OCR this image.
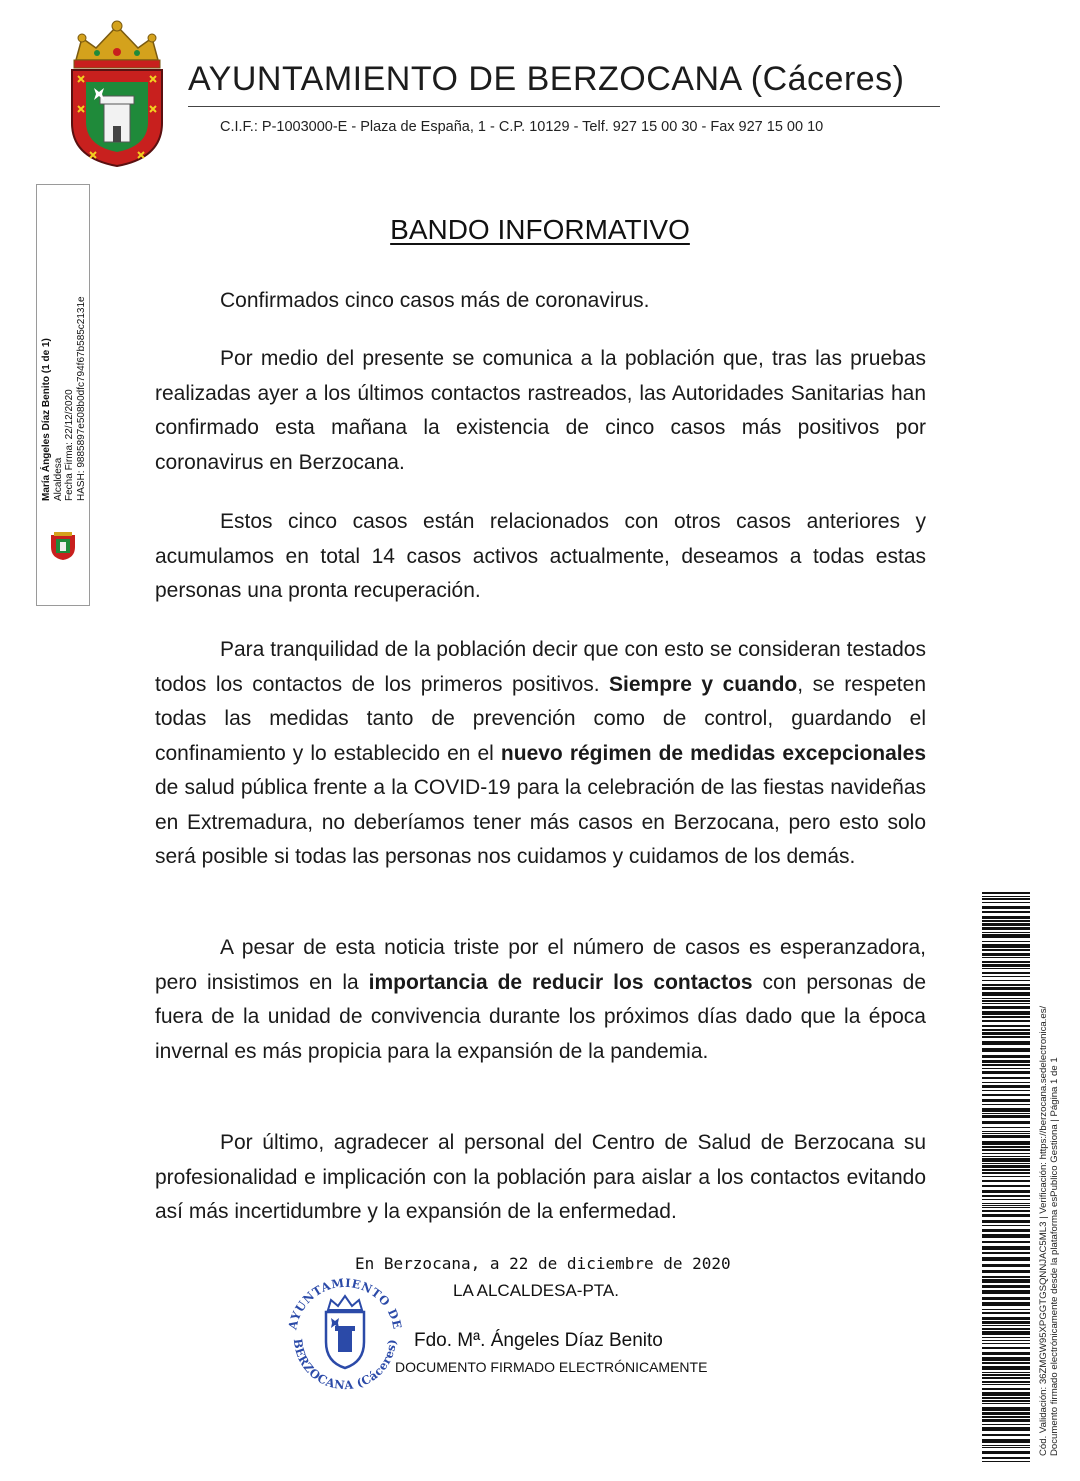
AYUNTAMIENTO DE BERZOCANA (Cáceres)
C.I.F.: P-1003000-E - Plaza de España, 1 - C.P. 10129 - Telf. 927 15 00 30 - Fax 927 15 00 10
María Ángeles Díaz Benito (1 de 1) Alcaldesa Fecha Firma: 22/12/2020 HASH: 9885897e508b0dfc794f67b585c2131e
BANDO INFORMATIVO

Confirmados cinco casos más de coronavirus.

Por medio del presente se comunica a la población que, tras las pruebas realizadas ayer a los últimos contactos rastreados, las Autoridades Sanitarias han confirmado esta mañana la existencia de cinco casos más positivos por coronavirus en Berzocana.

Estos cinco casos están relacionados con otros casos anteriores y acumulamos en total 14 casos activos actualmente, deseamos a todas estas personas una pronta recuperación.

Para tranquilidad de la población decir que con esto se consideran testados todos los contactos de los primeros positivos. Siempre y cuando, se respeten todas las medidas tanto de prevención como de control, guardando el confinamiento y lo establecido en el nuevo régimen de medidas excepcionales de salud pública frente a la COVID-19 para la celebración de las fiestas navideñas en Extremadura, no deberíamos tener más casos en Berzocana, pero esto solo será posible si todas las personas nos cuidamos y cuidamos de los demás.

A pesar de esta noticia triste por el número de casos es esperanzadora, pero insistimos en la importancia de reducir los contactos con personas de fuera de la unidad de convivencia durante los próximos días dado que la época invernal es más propicia para la expansión de la pandemia.

Por último, agradecer al personal del Centro de Salud de Berzocana su profesionalidad e implicación con la población para aislar a los contactos evitando así más incertidumbre y la expansión de la enfermedad.

En Berzocana, a 22 de diciembre de 2020
LA ALCALDESA-PTA.
AYUNTAMIENTO DE
BERZOCANA (Cáceres) Fdo. Mª. Ángeles Díaz Benito
DOCUMENTO FIRMADO ELECTRÓNICAMENTE	Cód. Validación: 36ZMGW95XPGGTGSQNNJAC5ML3 | Verificación: https://berzocana.sedelectronica.es/ Documento firmado electrónicamente desde la plataforma esPublico Gestiona | Página 1 de 1
